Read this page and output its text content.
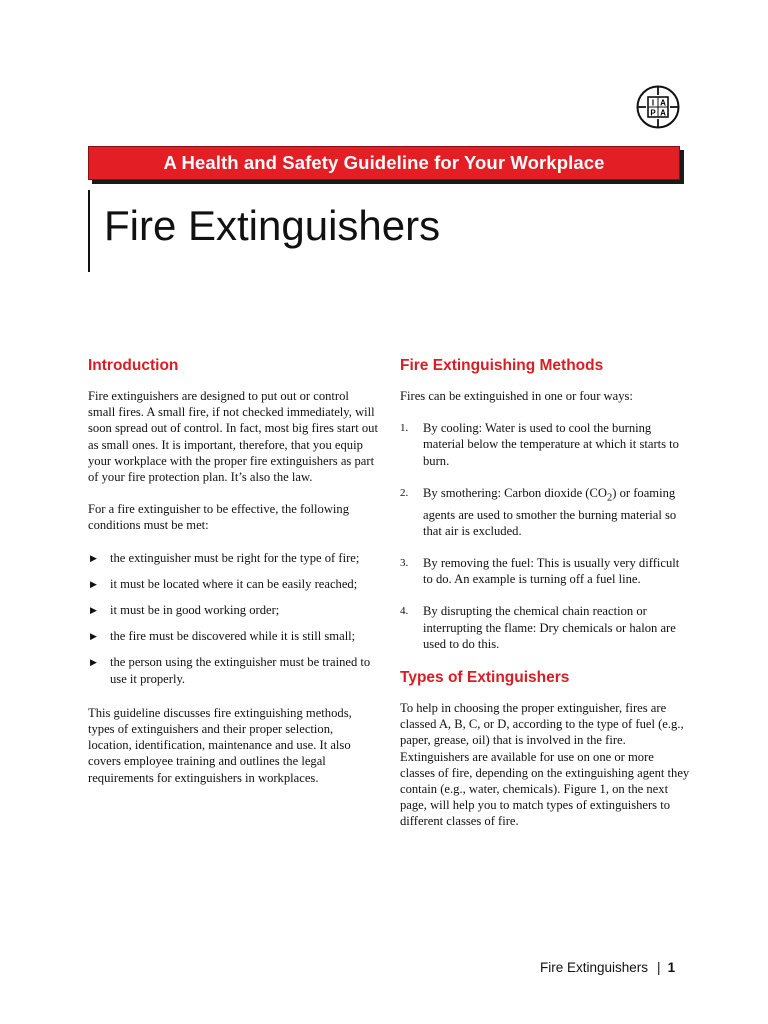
I A
P A
A Health and Safety Guideline for Your Workplace
Fire Extinguishers
Introduction

Fire extinguishers are designed to put out or control small fires. A small fire, if not checked immediately, will soon spread out of control. In fact, most big fires start out as small ones. It is important, therefore, that you equip your workplace with the proper fire extinguishers as part of your fire protection plan. It’s also the law.

For a fire extinguisher to be effective, the following conditions must be met:

▶ the extinguisher must be right for the type of fire;
▶ it must be located where it can be easily reached;
▶ it must be in good working order;
▶ the fire must be discovered while it is still small;
▶ the person using the extinguisher must be trained to use it properly.

This guideline discusses fire extinguishing methods, types of extinguishers and their proper selection, location, identification, maintenance and use. It also covers employee training and outlines the legal requirements for extinguishers in workplaces.

Fire Extinguishing Methods

Fires can be extinguished in one or four ways:

1. By cooling: Water is used to cool the burning material below the temperature at which it starts to burn.
2. By smothering: Carbon dioxide $(CO_2)$ or foaming agents are used to smother the burning material so that air is excluded.
3. By removing the fuel: This is usually very difficult to do. An example is turning off a fuel line.
4. By disrupting the chemical chain reaction or interrupting the flame: Dry chemicals or halon are used to do this.
Types of Extinguishers

To help in choosing the proper extinguisher, fires are classed A, B, C, or D, according to the type of fuel (e.g., paper, grease, oil) that is involved in the fire. Extinguishers are available for use on one or more classes of fire, depending on the extinguishing agent they contain (e.g., water, chemicals). Figure 1, on the next page, will help you to match types of extinguishers to different classes of fire.

Fire Extinguishers | 1
